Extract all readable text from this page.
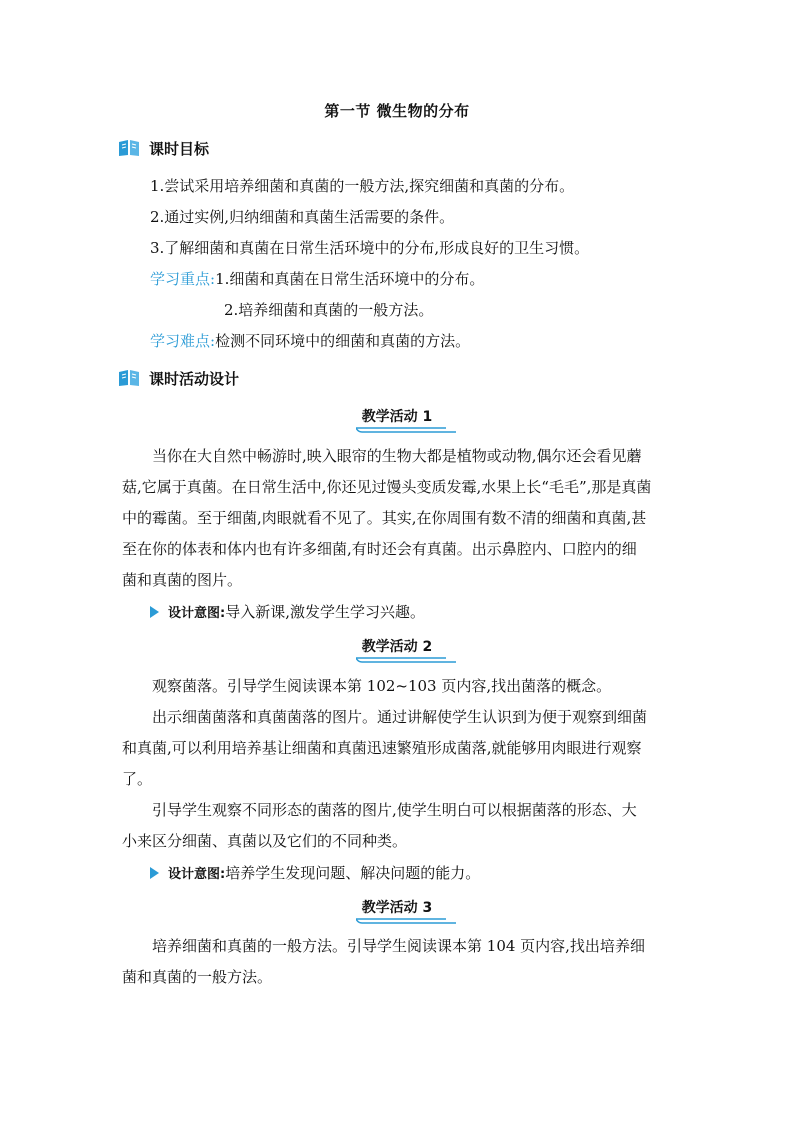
第一节 微生物的分布
课时目标
1.尝试采用培养细菌和真菌的一般方法,探究细菌和真菌的分布。
2.通过实例,归纳细菌和真菌生活需要的条件。
3.了解细菌和真菌在日常生活环境中的分布,形成良好的卫生习惯。
学习重点:1.细菌和真菌在日常生活环境中的分布。
2.培养细菌和真菌的一般方法。
学习难点:检测不同环境中的细菌和真菌的方法。
课时活动设计
教学活动 1
当你在大自然中畅游时,映入眼帘的生物大都是植物或动物,偶尔还会看见蘑
菇,它属于真菌。在日常生活中,你还见过馒头变质发霉,水果上长“毛毛”,那是真菌
中的霉菌。至于细菌,肉眼就看不见了。其实,在你周围有数不清的细菌和真菌,甚
至在你的体表和体内也有许多细菌,有时还会有真菌。出示鼻腔内、口腔内的细
菌和真菌的图片。
设计意图: 导入新课,激发学生学习兴趣。
教学活动 2
观察菌落。引导学生阅读课本第 102~103 页内容,找出菌落的概念。
出示细菌菌落和真菌菌落的图片。通过讲解使学生认识到为便于观察到细菌
和真菌,可以利用培养基让细菌和真菌迅速繁殖形成菌落,就能够用肉眼进行观察
了。
引导学生观察不同形态的菌落的图片,使学生明白可以根据菌落的形态、大
小来区分细菌、真菌以及它们的不同种类。
设计意图: 培养学生发现问题、解决问题的能力。
教学活动 3
培养细菌和真菌的一般方法。引导学生阅读课本第 104 页内容,找出培养细
菌和真菌的一般方法。
